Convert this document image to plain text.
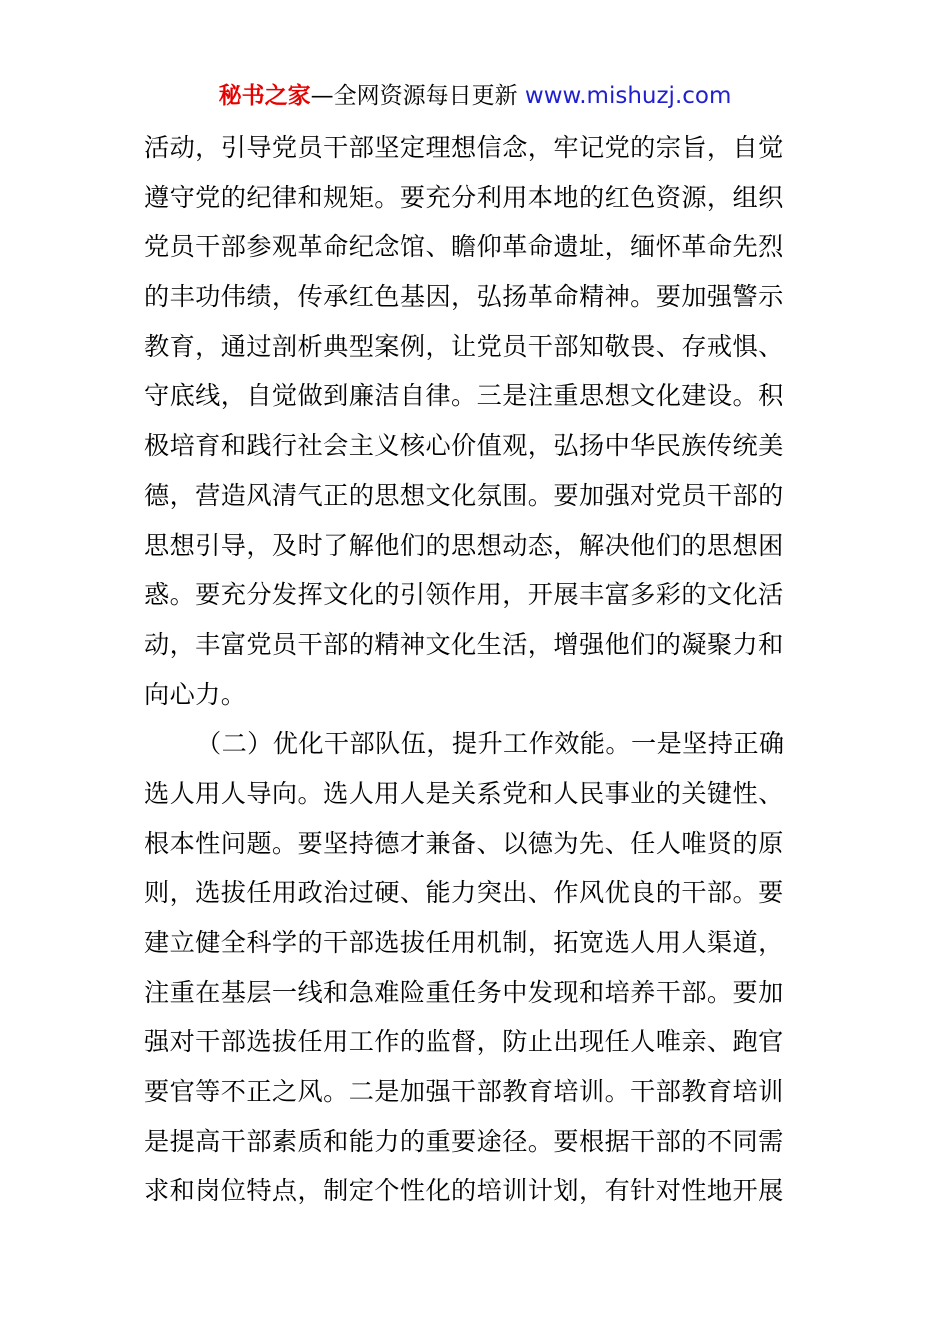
秘书之家—全网资源每日更新 www.mishuzj.com
活动，引导党员干部坚定理想信念，牢记党的宗旨，自觉
遵守党的纪律和规矩。要充分利用本地的红色资源，组织
党员干部参观革命纪念馆、瞻仰革命遗址，缅怀革命先烈
的丰功伟绩，传承红色基因，弘扬革命精神。要加强警示
教育，通过剖析典型案例，让党员干部知敬畏、存戒惧、
守底线，自觉做到廉洁自律。三是注重思想文化建设。积
极培育和践行社会主义核心价值观，弘扬中华民族传统美
德，营造风清气正的思想文化氛围。要加强对党员干部的
思想引导，及时了解他们的思想动态，解决他们的思想困
惑。要充分发挥文化的引领作用，开展丰富多彩的文化活
动，丰富党员干部的精神文化生活，增强他们的凝聚力和
向心力。
（二）优化干部队伍，提升工作效能。一是坚持正确
选人用人导向。选人用人是关系党和人民事业的关键性、
根本性问题。要坚持德才兼备、以德为先、任人唯贤的原
则，选拔任用政治过硬、能力突出、作风优良的干部。要
建立健全科学的干部选拔任用机制，拓宽选人用人渠道，
注重在基层一线和急难险重任务中发现和培养干部。要加
强对干部选拔任用工作的监督，防止出现任人唯亲、跑官
要官等不正之风。二是加强干部教育培训。干部教育培训
是提高干部素质和能力的重要途径。要根据干部的不同需
求和岗位特点，制定个性化的培训计划，有针对性地开展
